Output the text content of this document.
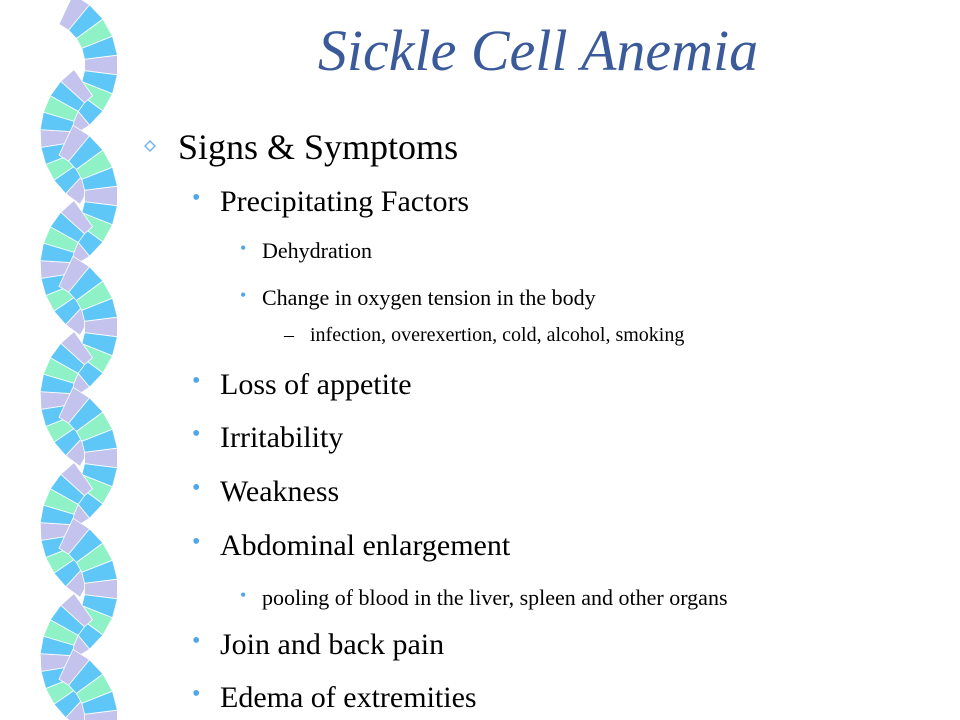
Sickle Cell Anemia
Signs & Symptoms
• Precipitating Factors
• Dehydration
• Change in oxygen tension in the body
– infection, overexertion, cold, alcohol, smoking
• Loss of appetite
• Irritability
• Weakness
• Abdominal enlargement
• pooling of blood in the liver, spleen and other organs
• Join and back pain
• Edema of extremities
